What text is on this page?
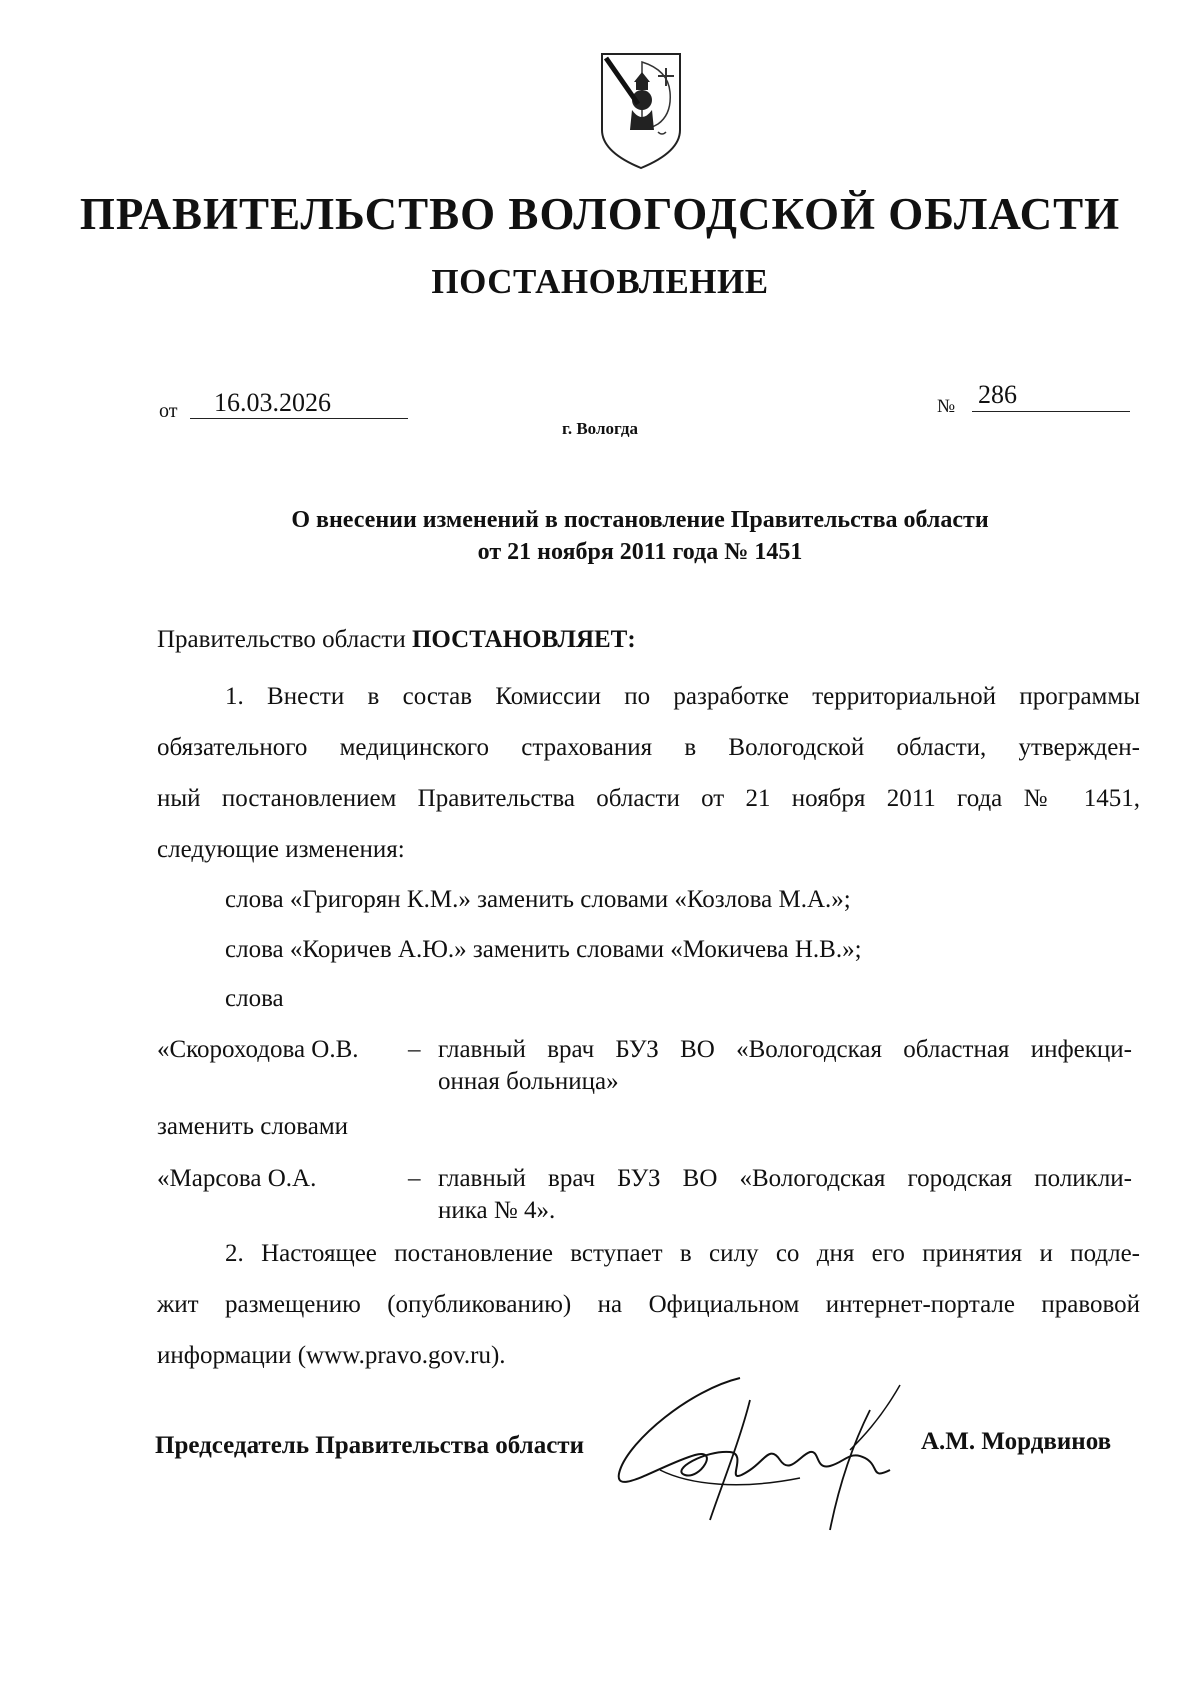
ПРАВИТЕЛЬСТВО ВОЛОГОДСКОЙ ОБЛАСТИ
ПОСТАНОВЛЕНИЕ
от 16.03.2026	№ 286
г. Вологда
О внесении изменений в постановление Правительства области
от 21 ноября 2011 года № 1451
Правительство области ПОСТАНОВЛЯЕТ:
1. Внести в состав Комиссии по разработке территориальной программы
обязательного медицинского страхования в Вологодской области, утвержден-
ный постановлением Правительства области от 21 ноября 2011 года № 1451,
следующие изменения:
слова «Григорян К.М.» заменить словами «Козлова М.А.»;
слова «Коричев А.Ю.» заменить словами «Мокичева Н.В.»;
слова
«Скороходова О.В. – главный врач БУЗ ВО «Вологодская областная инфекци-
онная больница»
заменить словами
«Марсова О.А.	– главный врач БУЗ ВО «Вологодская городская поликли-
ника № 4».
2. Настоящее постановление вступает в силу со дня его принятия и подле-
жит размещению (опубликованию) на Официальном интернет-портале правовой
информации (www.pravo.gov.ru).
Председатель Правительства области	А.М. Мордвинов
